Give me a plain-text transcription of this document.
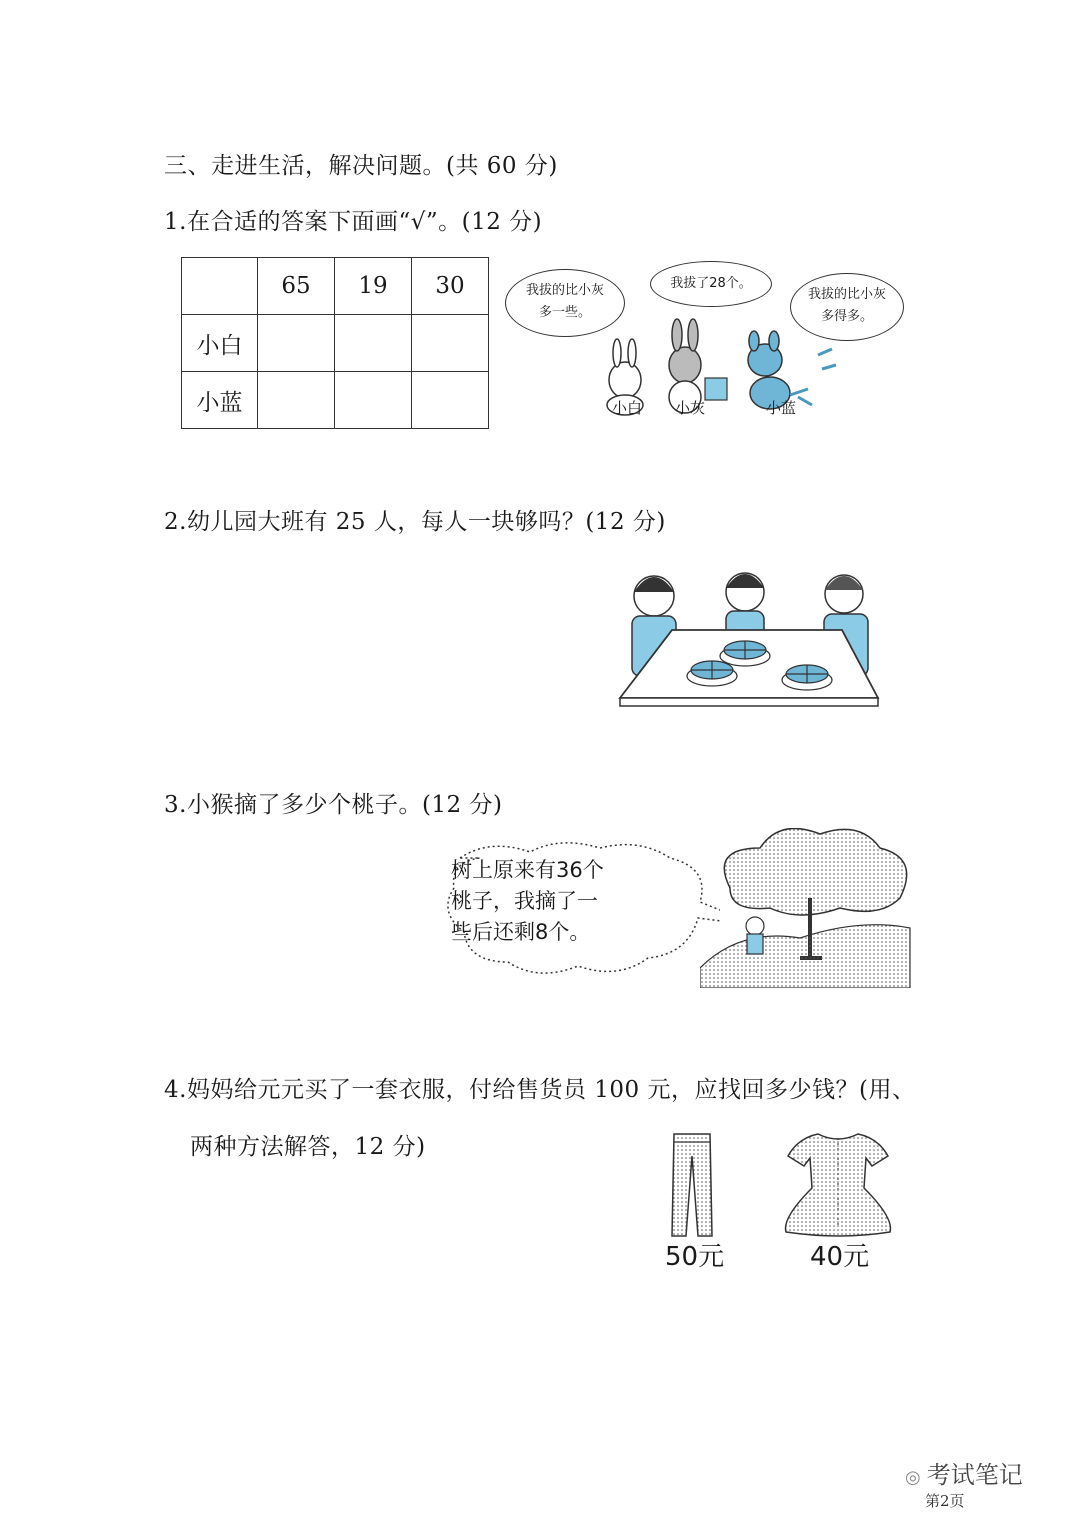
三、走进生活，解决问题。(共 60 分)
1.在合适的答案下面画“√”。(12 分)
	65	19	30
小白			
小蓝			
我拔的比小灰多一些。
我拔了28个。
我拔的比小灰多得多。
小白 小灰	小蓝
2.幼儿园大班有 25 人，每人一块够吗？(12 分)
3.小猴摘了多少个桃子。(12 分)
树上原来有36个
桃子，我摘了一
些后还剩8个。
4.妈妈给元元买了一套衣服，付给售货员 100 元，应找回多少钱？(用、
两种方法解答，12 分)
50元	40元
◎ 考试笔记
第2页
